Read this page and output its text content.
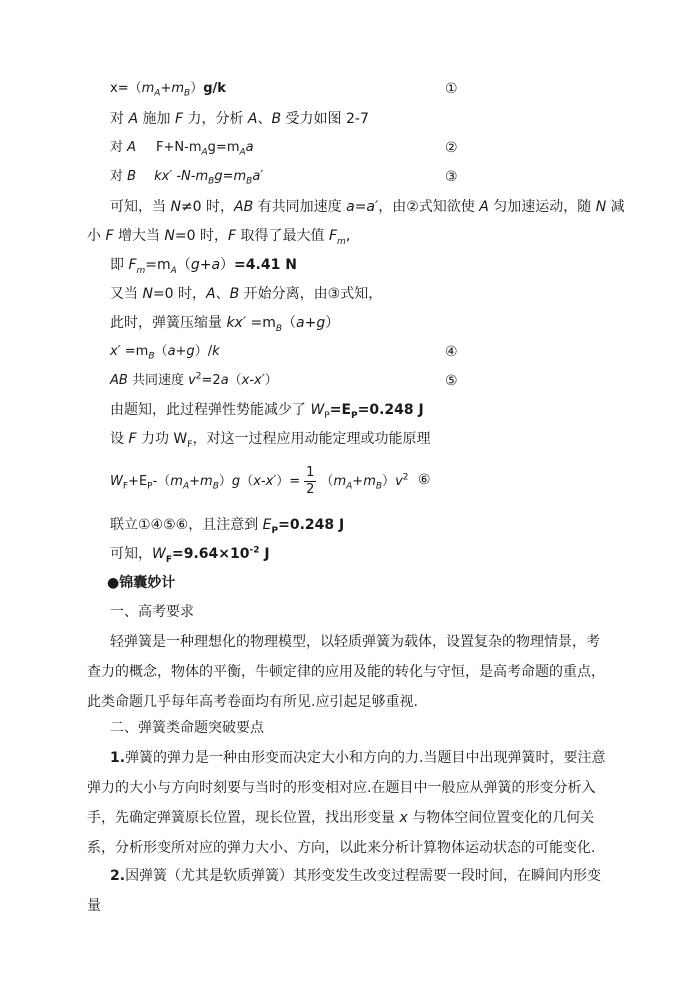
$x=(m_A+m_B)g/k$	①
对 A 施加 F 力，分析 A、B 受力如图 2-7
对 A $F+N-m_Ag=m_Aa$	②
对 B kx′ $-N-m_Bg=m_Ba'$	③
可知，当 N≠0 时，AB 有共同加速度 a=a′，由②式知欲使 A 匀加速运动，随 N 减
小 F 增大当 N=0 时，F 取得了最大值 $F_m$,
即 $F_m=m_A(g+a)=4.41$ N
又当 N=0 时，A、B 开始分离，由③式知，
此时，弹簧压缩量 $kx' =m_B(a+g)$
$x' =m_B(a+g)/k$	④
AB 共同速度 $v^2=2a(x-x')$	⑤
由题知，此过程弹性势能减少了 $W_P=E_P=0.248$ J
设 F 力功 $W_F$，对这一过程应用动能定理或功能原理
$W_F+E_P-(m_A+m_B)g(x-x')= \frac{1}{2} (m_A+m_B)v^2$ ⑥
联立①④⑤⑥，且注意到 $E_P=0.248$ J
可知，$W_F=9.64\times 10^{-2}$ J
●锦囊妙计
一、高考要求
轻弹簧是一种理想化的物理模型，以轻质弹簧为载体，设置复杂的物理情景，考查力的概念，物体的平衡，牛顿定律的应用及能的转化与守恒，是高考命题的重点，此类命题几乎每年高考卷面均有所见.应引起足够重视.
二、弹簧类命题突破要点
1.弹簧的弹力是一种由形变而决定大小和方向的力.当题目中出现弹簧时，要注意弹力的大小与方向时刻要与当时的形变相对应.在题目中一般应从弹簧的形变分析入手，先确定弹簧原长位置，现长位置，找出形变量 x 与物体空间位置变化的几何关系，分析形变所对应的弹力大小、方向，以此来分析计算物体运动状态的可能变化.
2.因弹簧（尤其是软质弹簧）其形变发生改变过程需要一段时间，在瞬间内形变量
